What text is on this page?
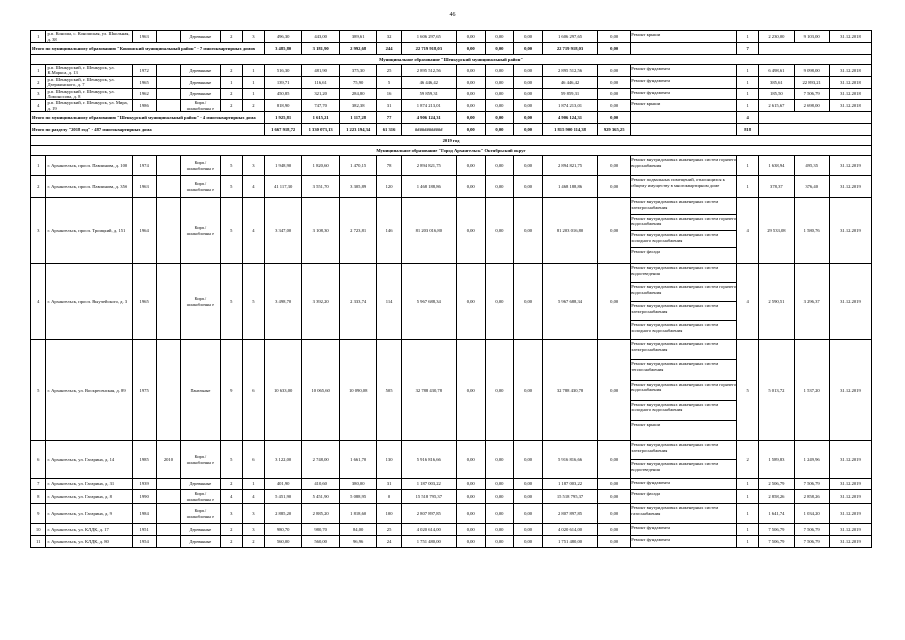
46
1	р.п. Коноша, с. Коношская, ул. Школьная, д. 38	1963		Деревянные	2	3	496,30	443,00	389,61	32	1 606 297,65	0,00	0,00	0,00	1 606 297,65	0,00	Ремонт крыши	1	2 230,00	9 103,00	31.12.2018
Итого по муниципальному образованию "Коношский муниципальный район" - 7 многоквартирных домов							3 485,80	3 181,90	2 992,68	244	22 719 918,03	0,00	0,00	0,00	22 719 918,03	0,00		7			
Муниципальное образование "Шенкурский муниципальный район"																					
1	р.п. Шенкурский, г. Шенкурск, ул. К.Маркса, д. 13	1972		Деревянные	2	1	516,30	481,90	375,30	25	2 895 512,56	0,00	0,00	0,00	2 895 512,56	0,00	Ремонт фундамента	1	6 498,61	9 098,00	31.12.2018
2	р.п. Шенкурский, г. Шенкурск, ул. Дзержинского, д. 7	1965		Деревянные	1	1	139,71	116,61	75,90	5	46 446,42	0,00	0,00	0,00	46 446,42	0,00	Ремонт фундамента	1	385,61	22 893,21	31.12.2018
3	р.п. Шенкурский, г. Шенкурск, ул. Ломоносова, д. 8	1962		Деревянные	2	1	450,85	321,20	284,80	16	59 859,31	0,00	0,00	0,00	59 859,31	0,00	Ремонт фундамента	1	185,50	7 506,79	31.12.2018
4	р.п. Шенкурский, г. Шенкурск, ул. Мира, д. 19	1986		Кирп./ шлакоблочны е	2	2	818,90	747,70	382,38	31	1 874 213,01	0,00	0,00	0,00	1 874 213,01	0,00	Ремонт крыши	1	2 615,67	2 698,00	31.12.2018
Итого по муниципальному образованию "Шенкурский муниципальный район" - 4 многоквартирных дома							1 925,81	1 615,21	1 117,28	77	4 906 124,31	0,00	0,00	0,00	4 906 124,31	0,00		4			
Итого по разделу "2018 год" - 487 многоквартирных дома							1 667 918,72	1 330 073,13	1 223 194,34	61 316	############	0,00	0,00	0,00	1 815 900 114,38	929 365,25		818			
2019 год																					
Муниципальное образование "Город Архангельск" Октябрьский округ																					
1	г. Архангельск, просп. Павлинова, д. 100	1974		Кирп./ шлакоблочны е	5	3	1 948,90	1 820,60	1 470,15	78	2 894 821,75	0,00	0,00	0,00	2 894 821,75	0,00	Ремонт внутридомовых инженерных систем горячего водоснабжения	1	1 638,94	495,35	31.12.2019
2	г. Архангельск, просп. Павлинова, д. 35б	1963		Кирп./ шлакоблочны е	5	4	41 117,30	3 551,70	3 305,89	120	1 468 188,86	0,00	0,00	0,00	1 468 188,86	0,00	Ремонт подвальных помещений, относящихся к общему имуществу в многоквартирном доме	1	378,37	376,40	31.12.2019
3	г. Архангельск, просп. Троицкий, д. 151	1964		Кирп./ шлакоблочны е	5	4	3 347,00	3 108,30	2 723,81	146	81 203 016,80	0,00	0,00	0,00	81 203 016,80	0,00	Ремонт внутридомовых инженерных систем электроснабжения
Ремонт внутридомовых инженерных систем горячего водоснабжения
Ремонт внутридомовых инженерных систем холодного водоснабжения
Ремонт фасада	4	29 533,08	1 580,76	31.12.2019
4	г. Архангельск, просп. Выучейского, д. 3	1965		Кирп./ шлакоблочны е	5	5	3 498,70	3 392,20	2 333,74	114	5 967 688,34	0,00	0,00	0,00	5 967 688,34	0,00	Ремонт внутридомовых инженерных систем водоотведения
Ремонт внутридомовых инженерных систем горячего водоснабжения
Ремонт внутридомовых инженерных систем электроснабжения
Ремонт внутридомовых инженерных систем холодного водоснабжения	4	2 590,51	3 296,37	31.12.2019
5	г. Архангельск, ул. Воскресенская, д. 89	1975		Панельные	9	6	10 633,00	10 065,60	10 090,08	505	32 788 430,78	0,00	0,00	0,00	32 788 430,78	0,00	Ремонт внутридомовых инженерных систем электроснабжения
Ремонт внутридомовых инженерных систем теплоснабжения
Ремонт внутридомовых инженерных систем горячего водоснабжения
Ремонт внутридомовых инженерных систем холодного водоснабжения
Ремонт крыши	5	5 013,72	1 537,20	31.12.2019
6	г. Архангельск, ул. Гагарина, д. 14	1985	2010	Кирп./ шлакоблочны е	5	6	3 122,00	2 748,00	1 661,70	130	5 916 816,66	0,00	0,00	0,00	5 916 816,66	0,00	Ремонт внутридомовых инженерных систем электроснабжения
Ремонт внутридомовых инженерных систем водоотведения	2	1 589,83	1 249,96	31.12.2019
7	г. Архангельск, ул. Гагарина, д. 31	1939		Деревянные	2	1	401,90	410,60	380,00	31	1 187 003,22	0,00	0,00	0,00	1 187 003,22	0,00	Ремонт фундамента	1	2 506,79	7 506,79	31.12.2019
8	г. Архангельск, ул. Гагарина, д. 8	1990		Кирп./ шлакоблочны е	4	4	5 451,90	5 451,90	5 088,95	0	15 518 795,37	0,00	0,00	0,00	15 518 795,37	0,00	Ремонт фасада	1	2 858,26	2 858,26	31.12.2019
9	г. Архангельск, ул. Гагарина, д. 9	1984		Кирп./ шлакоблочны е	3	3	2 885,20	2 885,20	1 818,60	100	2 807 897,85	0,00	0,00	0,00	2 807 897,85	0,00	Ремонт внутридомовых инженерных систем газоснабжения	1	1 641,74	1 034,20	31.12.2019
10	г. Архангельск, ул. КЛДК, д. 17	1951		Деревянные	2	3	980,70	980,70	84,00	25	4 020 614,00	0,00	0,00	0,00	4 020 614,00	0,00	Ремонт фундамента	1	7 506,79	7 506,79	31.12.2019
11	г. Архангельск, ул. КЛДК, д. 80	1954		Деревянные	2	2	560,00	560,00	96,96	24	1 751 480,00	0,00	0,00	0,00	1 751 480,00	0,00	Ремонт фундамента	1	7 506,79	7 506,79	31.12.2019
